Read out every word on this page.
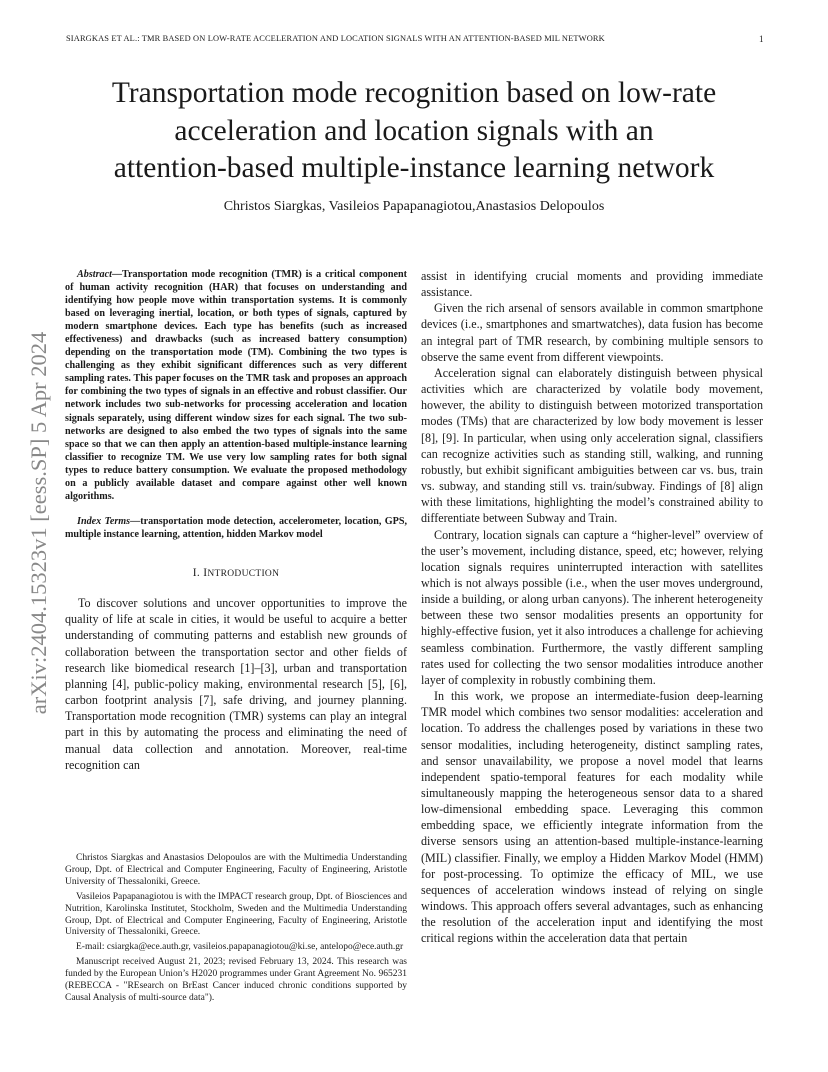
SIARGKAS ET AL.: TMR BASED ON LOW-RATE ACCELERATION AND LOCATION SIGNALS WITH AN ATTENTION-BASED MIL NETWORK	1
arXiv:2404.15323v1 [eess.SP] 5 Apr 2024
Transportation mode recognition based on low-rate
acceleration and location signals with an
attention-based multiple-instance learning network
Christos Siargkas, Vasileios Papapanagiotou,Anastasios Delopoulos

Abstract—Transportation mode recognition (TMR) is a critical component of human activity recognition (HAR) that focuses on understanding and identifying how people move within transportation systems. It is commonly based on leveraging inertial, location, or both types of signals, captured by modern smartphone devices. Each type has benefits (such as increased effectiveness) and drawbacks (such as increased battery consumption) depending on the transportation mode (TM). Combining the two types is challenging as they exhibit significant differences such as very different sampling rates. This paper focuses on the TMR task and proposes an approach for combining the two types of signals in an effective and robust classifier. Our network includes two sub-networks for processing acceleration and location signals separately, using different window sizes for each signal. The two sub-networks are designed to also embed the two types of signals into the same space so that we can then apply an attention-based multiple-instance learning classifier to recognize TM. We use very low sampling rates for both signal types to reduce battery consumption. We evaluate the proposed methodology on a publicly available dataset and compare against other well known algorithms.

Index Terms—transportation mode detection, accelerometer, location, GPS, multiple instance learning, attention, hidden Markov model

I. INTRODUCTION

To discover solutions and uncover opportunities to improve the quality of life at scale in cities, it would be useful to acquire a better understanding of commuting patterns and establish new grounds of collaboration between the transportation sector and other fields of research like biomedical research [1]–[3], urban and transportation planning [4], public-policy making, environmental research [5], [6], carbon footprint analysis [7], safe driving, and journey planning. Transportation mode recognition (TMR) systems can play an integral part in this by automating the process and eliminating the need of manual data collection and annotation. Moreover, real-time recognition can

Christos Siargkas and Anastasios Delopoulos are with the Multimedia Understanding Group, Dpt. of Electrical and Computer Engineering, Faculty of Engineering, Aristotle University of Thessaloniki, Greece.

Vasileios Papapanagiotou is with the IMPACT research group, Dpt. of Biosciences and Nutrition, Karolinska Institutet, Stockholm, Sweden and the Multimedia Understanding Group, Dpt. of Electrical and Computer Engineering, Faculty of Engineering, Aristotle University of Thessaloniki, Greece.

E-mail: csiargka@ece.auth.gr, vasileios.papapanagiotou@ki.se, antelopo@ece.auth.gr

Manuscript received August 21, 2023; revised February 13, 2024. This research was funded by the European Union’s H2020 programmes under Grant Agreement No. 965231 (REBECCA - "REsearch on BrEast Cancer induced chronic conditions supported by Causal Analysis of multi-source data").

assist in identifying crucial moments and providing immediate assistance.

Given the rich arsenal of sensors available in common smartphone devices (i.e., smartphones and smartwatches), data fusion has become an integral part of TMR research, by combining multiple sensors to observe the same event from different viewpoints.

Acceleration signal can elaborately distinguish between physical activities which are characterized by volatile body movement, however, the ability to distinguish between motorized transportation modes (TMs) that are characterized by low body movement is lesser [8], [9]. In particular, when using only acceleration signal, classifiers can recognize activities such as standing still, walking, and running robustly, but exhibit significant ambiguities between car vs. bus, train vs. subway, and standing still vs. train/subway. Findings of [8] align with these limitations, highlighting the model’s constrained ability to differentiate between Subway and Train.

Contrary, location signals can capture a “higher-level” overview of the user’s movement, including distance, speed, etc; however, relying location signals requires uninterrupted interaction with satellites which is not always possible (i.e., when the user moves underground, inside a building, or along urban canyons). The inherent heterogeneity between these two sensor modalities presents an opportunity for highly-effective fusion, yet it also introduces a challenge for achieving seamless combination. Furthermore, the vastly different sampling rates used for collecting the two sensor modalities introduce another layer of complexity in robustly combining them.

In this work, we propose an intermediate-fusion deep-learning TMR model which combines two sensor modalities: acceleration and location. To address the challenges posed by variations in these two sensor modalities, including heterogeneity, distinct sampling rates, and sensor unavailability, we propose a novel model that learns independent spatio-temporal features for each modality while simultaneously mapping the heterogeneous sensor data to a shared low-dimensional embedding space. Leveraging this common embedding space, we efficiently integrate information from the diverse sensors using an attention-based multiple-instance-learning (MIL) classifier. Finally, we employ a Hidden Markov Model (HMM) for post-processing. To optimize the efficacy of MIL, we use sequences of acceleration windows instead of relying on single windows. This approach offers several advantages, such as enhancing the resolution of the acceleration input and identifying the most critical regions within the acceleration data that pertain
